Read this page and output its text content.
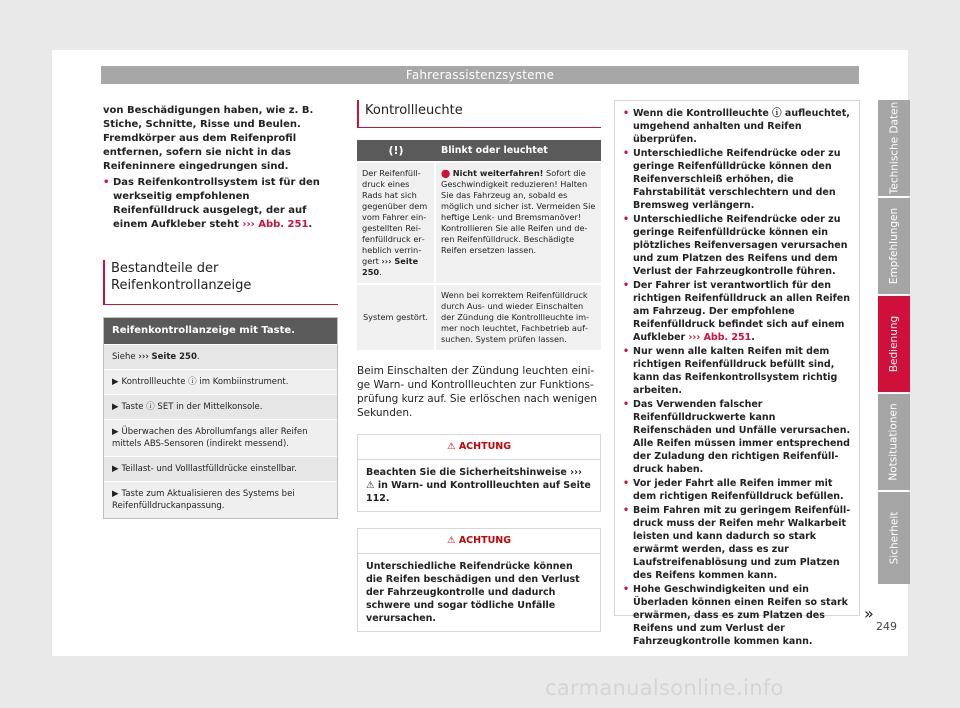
Fahrerassistenzsysteme
von Beschädigungen haben, wie z. B. Stiche, Schnitte, Risse und Beulen. Fremdkörper aus dem Reifenprofil entfernen, sofern sie nicht in das Reifeninnere eingedrungen sind.
• Das Reifenkontrollsystem ist für den werkseitig empfohlenen Reifenfülldruck ausgelegt, der auf einem Aufkleber steht ››› Abb. 251.
Bestandteile der Reifenkontrollanzeige
Reifenkontrollanzeige mit Taste.
Siehe ››› Seite 250.
▶ Kontrollleuchte ⓘ im Kombiinstrument.
▶ Taste ⓘ SET in der Mittelkonsole.
▶ Überwachen des Abrollumfangs aller Reifen mittels ABS-Sensoren (indirekt messend).
▶ Teillast- und Volllastfülldrücke einstellbar.
▶ Taste zum Aktualisieren des Systems bei Reifenfülldruckanpassung.
Kontrollleuchte
(!)	Blinkt oder leuchtet
Der Reifenfülldruck eines Rads hat sich gegenüber dem vom Fahrer eingestellten Reifenfülldruck erheblich verringert ››› Seite 250.	⬤ Nicht weiterfahren! Sofort die Geschwindigkeit reduzieren! Halten Sie das Fahrzeug an, sobald es möglich und sicher ist. Vermeiden Sie heftige Lenk- und Bremsmanöver! Kontrollieren Sie alle Reifen und deren Reifenfülldruck. Beschädigte Reifen ersetzen lassen.
System gestört.	Wenn bei korrektem Reifenfülldruck durch Aus- und wieder Einschalten der Zündung die Kontrollleuchte immer noch leuchtet, Fachbetrieb aufsuchen. System prüfen lassen.
Beim Einschalten der Zündung leuchten einige Warn- und Kontrollleuchten zur Funktionsprüfung kurz auf. Sie erlöschen nach wenigen Sekunden.
⚠ ACHTUNG
Beachten Sie die Sicherheitshinweise ››› ⚠ in Warn- und Kontrollleuchten auf Seite 112.
⚠ ACHTUNG
Unterschiedliche Reifendrücke können die Reifen beschädigen und den Verlust der Fahrzeugkontrolle und dadurch schwere und sogar tödliche Unfälle verursachen.
• Wenn die Kontrollleuchte ⓘ aufleuchtet, umgehend anhalten und Reifen überprüfen.
• Unterschiedliche Reifendrücke oder zu geringe Reifenfülldrücke können den Reifenverschleiß erhöhen, die Fahrstabilität verschlechtern und den Bremsweg verlängern.
• Unterschiedliche Reifendrücke oder zu geringe Reifenfülldrücke können ein plötzliches Reifenversagen verursachen und zum Platzen des Reifens und dem Verlust der Fahrzeugkontrolle führen.
• Der Fahrer ist verantwortlich für den richtigen Reifenfülldruck an allen Reifen am Fahrzeug. Der empfohlene Reifenfülldruck befindet sich auf einem Aufkleber ››› Abb. 251.
• Nur wenn alle kalten Reifen mit dem richtigen Reifenfülldruck befüllt sind, kann das Reifenkontrollsystem richtig arbeiten.
• Das Verwenden falscher Reifenfülldruckwerte kann Reifenschäden und Unfälle verursachen. Alle Reifen müssen immer entsprechend der Zuladung den richtigen Reifenfülldruck haben.
• Vor jeder Fahrt alle Reifen immer mit dem richtigen Reifenfülldruck befüllen.
• Beim Fahren mit zu geringem Reifenfülldruck muss der Reifen mehr Walkarbeit leisten und kann dadurch so stark erwärmt werden, dass es zur Laufstreifenablösung und zum Platzen des Reifens kommen kann.
• Hohe Geschwindigkeiten und ein Überladen können einen Reifen so stark erwärmen, dass es zum Platzen des Reifens und zum Verlust der Fahrzeugkontrolle kommen kann.
Technische Daten
Empfehlungen
Bedienung
Notsituationen
Sicherheit
»
249
carmanualsonline.info
